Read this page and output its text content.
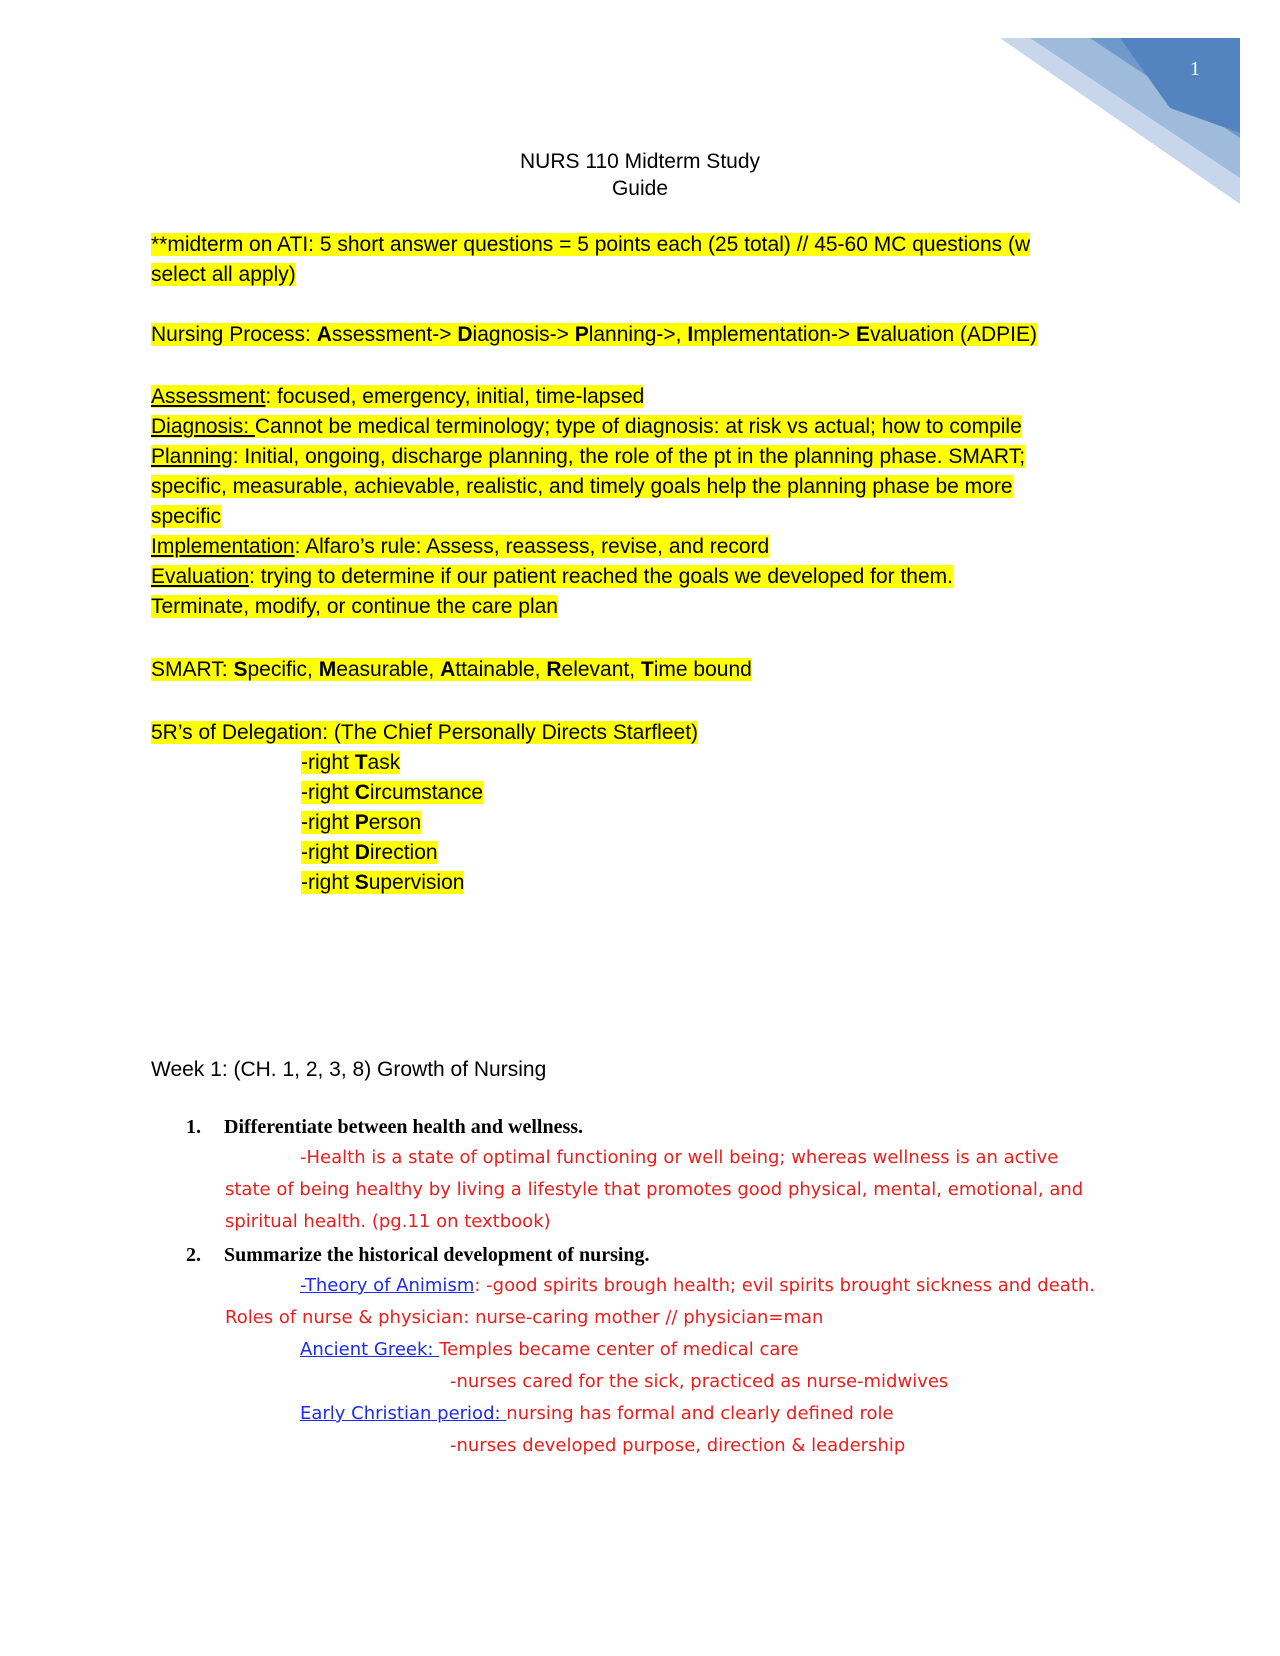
1
NURS 110 Midterm Study
Guide
**midterm on ATI: 5 short answer questions = 5 points each (25 total) // 45-60 MC questions (w
select all apply)
Nursing Process: Assessment-> Diagnosis-> Planning->, Implementation-> Evaluation (ADPIE)
Assessment: focused, emergency, initial, time-lapsed
Diagnosis: Cannot be medical terminology; type of diagnosis: at risk vs actual; how to compile
Planning: Initial, ongoing, discharge planning, the role of the pt in the planning phase. SMART;
specific, measurable, achievable, realistic, and timely goals help the planning phase be more
specific
Implementation: Alfaro’s rule: Assess, reassess, revise, and record
Evaluation: trying to determine if our patient reached the goals we developed for them.
Terminate, modify, or continue the care plan
SMART: Specific, Measurable, Attainable, Relevant, Time bound
5R’s of Delegation: (The Chief Personally Directs Starfleet)
-right Task
-right Circumstance
-right Person
-right Direction
-right Supervision
Week 1: (CH. 1, 2, 3, 8) Growth of Nursing
1. Differentiate between health and wellness.
-Health is a state of optimal functioning or well being; whereas wellness is an active
state of being healthy by living a lifestyle that promotes good physical, mental, emotional, and
spiritual health. (pg.11 on textbook)
2. Summarize the historical development of nursing.
-Theory of Animism: -good spirits brough health; evil spirits brought sickness and death.
Roles of nurse & physician: nurse-caring mother // physician=man
Ancient Greek: Temples became center of medical care
-nurses cared for the sick, practiced as nurse-midwives
Early Christian period: nursing has formal and clearly defined role
-nurses developed purpose, direction & leadership
